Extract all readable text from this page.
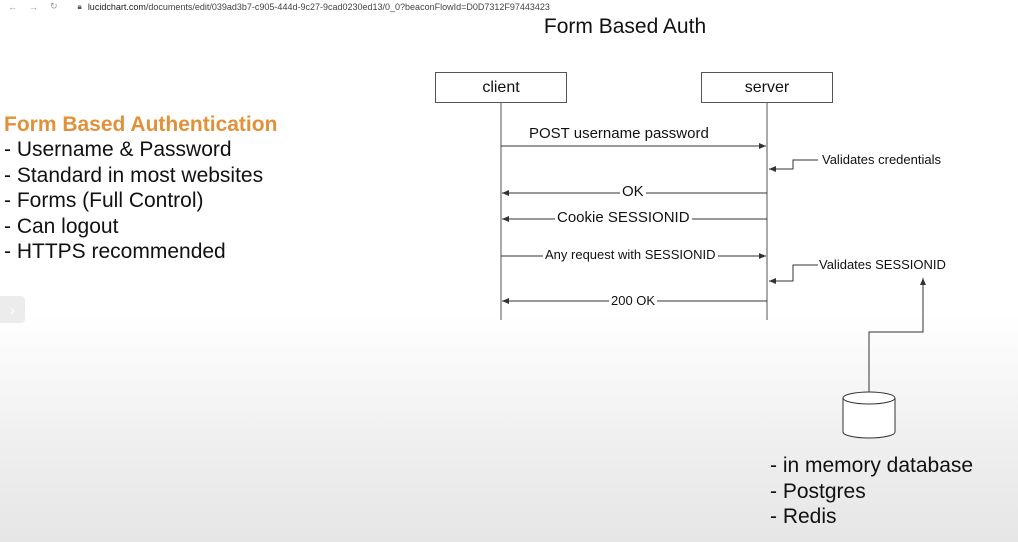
← → ↻	🔒︎ lucidchart.com/documents/edit/039ad3b7-c905-444d-9c27-9cad0230ed13/0_0?beaconFlowId=D0D7312F97443423
Form Based Auth
client	server
Form Based Authentication
- Username & Password
- Standard in most websites
- Forms (Full Control)
- Can logout
- HTTPS recommended
POST username password
OK
Cookie SESSIONID
Any request with SESSIONID
200 OK
Validates credentials
Validates SESSIONID
- in memory database
- Postgres
- Redis
›
